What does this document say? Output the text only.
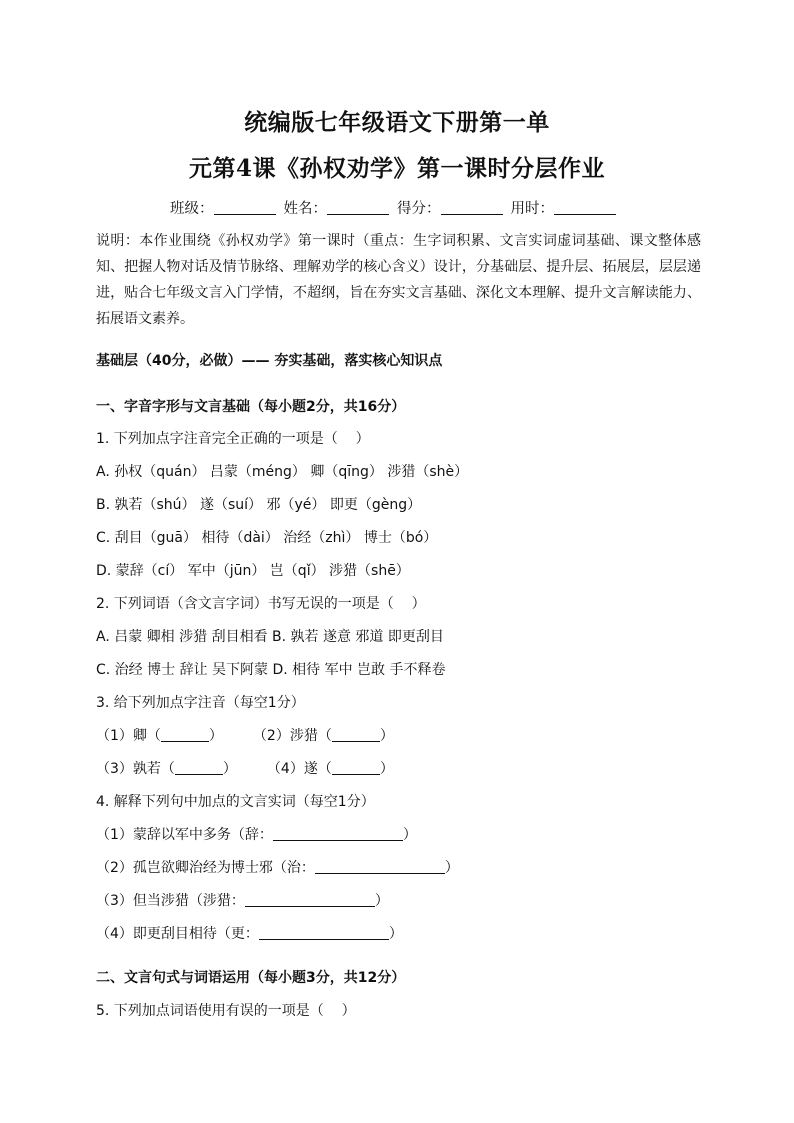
统编版七年级语文下册第一单
元第4课《孙权劝学》第一课时分层作业
班级：	姓名：	得分：	用时：
说明：本作业围绕《孙权劝学》第一课时（重点：生字词积累、文言实词虚词基础、课文整体感知、把握人物对话及情节脉络、理解劝学的核心含义）设计，分基础层、提升层、拓展层，层层递进，贴合七年级文言入门学情，不超纲，旨在夯实文言基础、深化文本理解、提升文言解读能力、拓展语文素养。
基础层（40分，必做）—— 夯实基础，落实核心知识点
一、字音字形与文言基础（每小题2分，共16分）
1. 下列加点字注音完全正确的一项是（    ）
A. 孙权（quán） 吕蒙（méng） 卿（qīng） 涉猎（shè）
B. 孰若（shú） 遂（suí） 邪（yé） 即更（gèng）
C. 刮目（guā） 相待（dài） 治经（zhì） 博士（bó）
D. 蒙辞（cí） 军中（jūn） 岂（qǐ） 涉猎（shē）
2. 下列词语（含文言字词）书写无误的一项是（    ）
A. 吕蒙 卿相 涉猎 刮目相看 B. 孰若 遂意 邪道 即更刮目
C. 治经 博士 辞让 吴下阿蒙 D. 相待 军中 岂敢 手不释卷
3. 给下列加点字注音（每空1分）
（1）卿（	） （2）涉猎（	）
（3）孰若（	） （4）遂（	）
4. 解释下列句中加点的文言实词（每空1分）
（1）蒙辞以军中多务（辞：	）
（2）孤岂欲卿治经为博士邪（治：	）
（3）但当涉猎（涉猎：	）
（4）即更刮目相待（更：	）
二、文言句式与词语运用（每小题3分，共12分）
5. 下列加点词语使用有误的一项是（    ）
